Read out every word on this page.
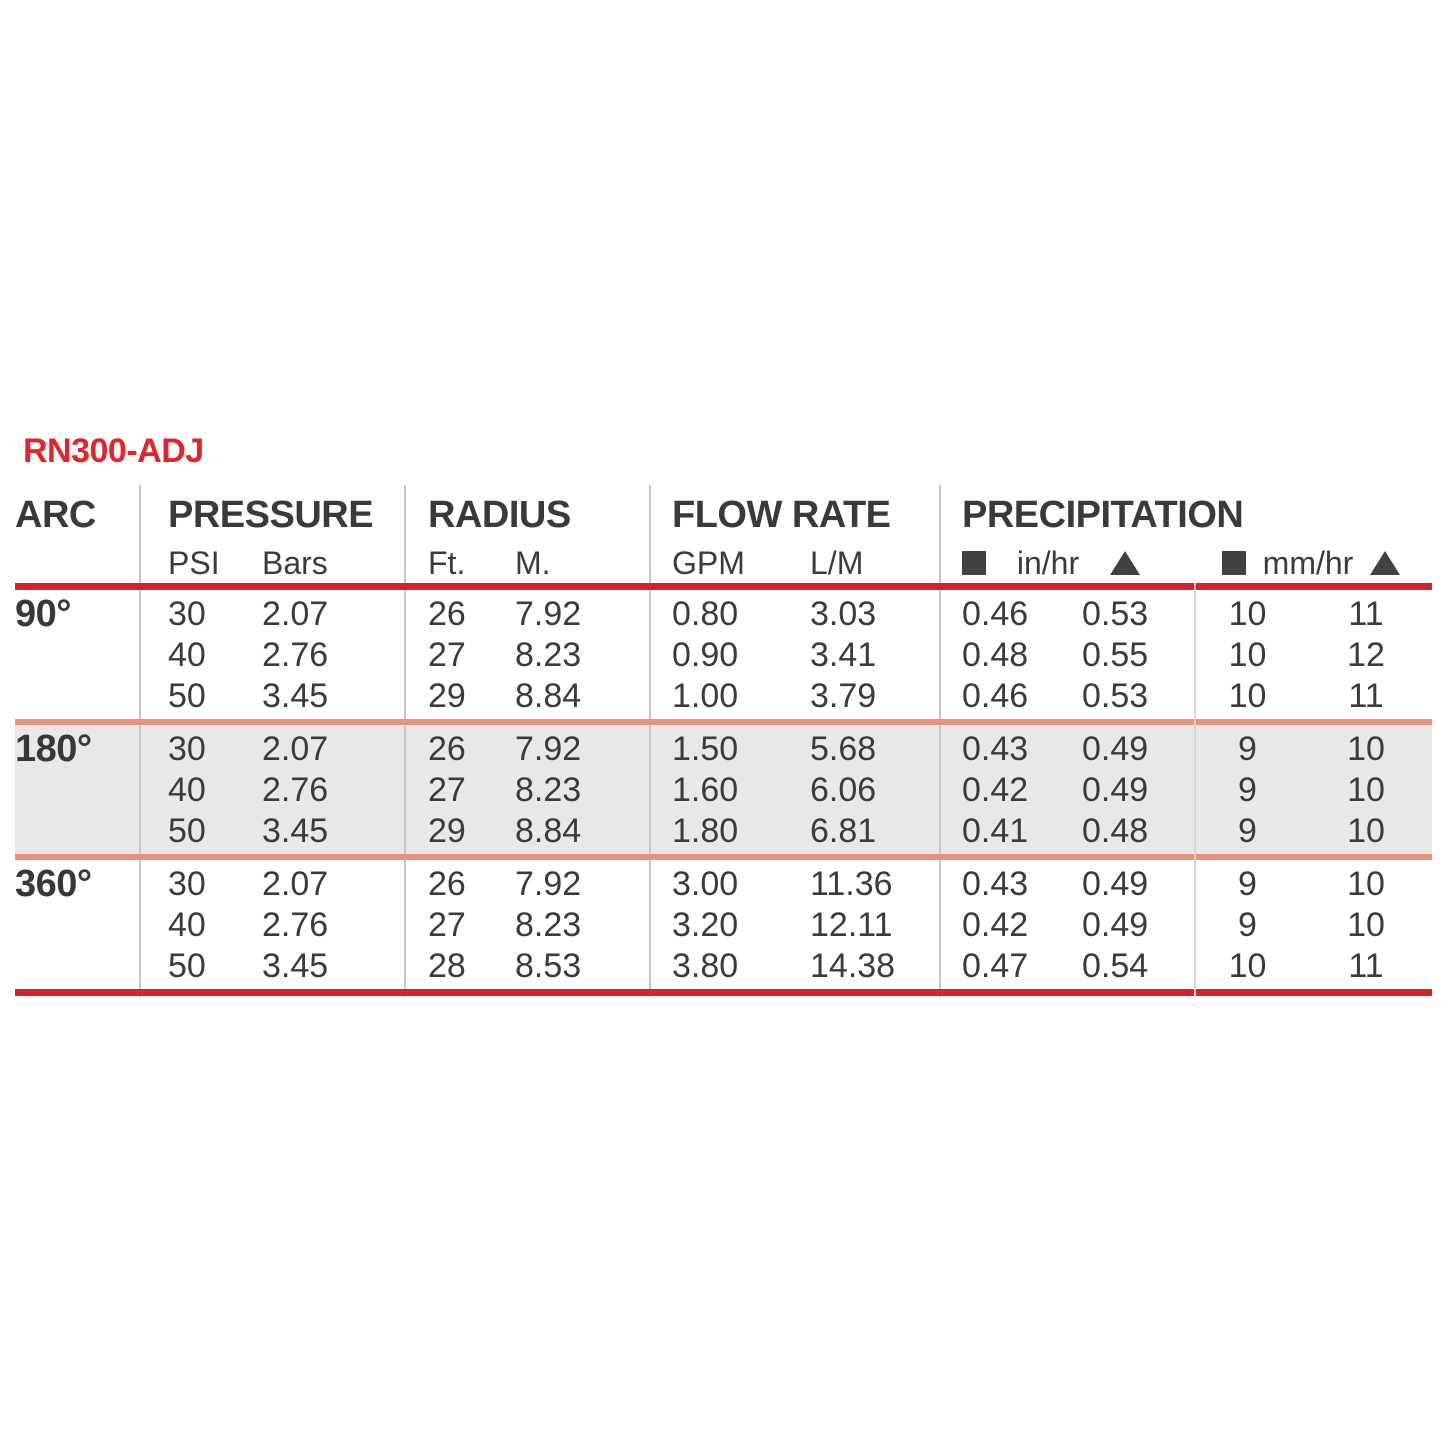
RN300-ADJ
ARC	PRESSURE	RADIUS	FLOW RATE	PRECIPITATION
PSI	Bars	Ft.	M.	GPM	L/M	in/hr	mm/hr
90°	30	2.07	26	7.92	0.80	3.03	0.46	0.53	10	11
40	2.76	27	8.23	0.90	3.41	0.48	0.55	10	12
50	3.45	29	8.84	1.00	3.79	0.46	0.53	10	11
180°	30	2.07	26	7.92	1.50	5.68	0.43	0.49	9	10
40	2.76	27	8.23	1.60	6.06	0.42	0.49	9	10
50	3.45	29	8.84	1.80	6.81	0.41	0.48	9	10
360°	30	2.07	26	7.92	3.00	11.36	0.43	0.49	9	10
40	2.76	27	8.23	3.20	12.11	0.42	0.49	9	10
50	3.45	28	8.53	3.80	14.38	0.47	0.54	10	11
